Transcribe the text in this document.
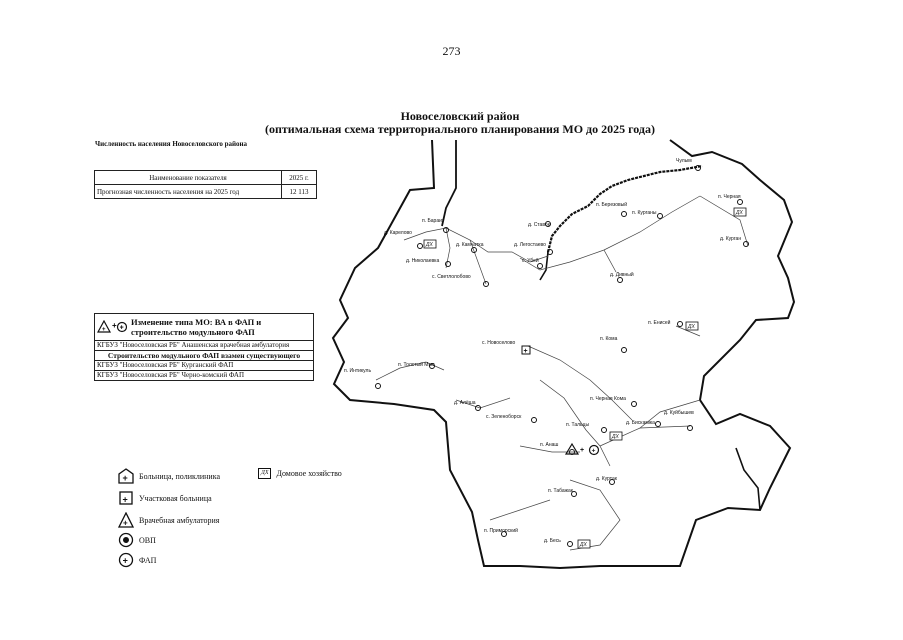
273
Новоселовский район
(оптимальная схема территориального планирования МО до 2025 года)
Численность населения Новоселовского района
Наименование показателя	2025 г.
Прогнозная численность населения на 2025 год	12 113
+ + +
Изменение типа МО: ВА в ФАП и строительство модульного ФАП
КГБУЗ "Новоселовская РБ" Анашенская врачебная амбулатория
Строительство модульного ФАП взамен существующего
КГБУЗ "Новоселовская РБ" Курганский ФАП
КГБУЗ "Новоселовская РБ" Черно-комский ФАП
д. Карелово
п. Бараит
д. Николаевка
д. Камчатка
с. Светлолобово
д. Ставок
д. Легостаево
с. Убей
п. Березовый
п. Курганы
Чулым
п. Черная
д. Курган
д. Дивный
п. Енисей
с. Новоселово
п. Кома
п. Интикуль
п. Толстый Мыс
д. Алёша
с. Зеленоборск
п. Черная Кома
д. Бискамжа
д. Куйбышев
п. Тальцы
п. Анаш
д. Куртак
п. Табажак
п. Приморский
д. Бесь
+
+ +
ДХ
ДХ
ДХ
ДХ
ДХ
+ Больница, поликлиника	ДХ	Домовое хозяйство
+ Участковая больница
+ Врачебная амбулатория
ОВП
+ ФАП
